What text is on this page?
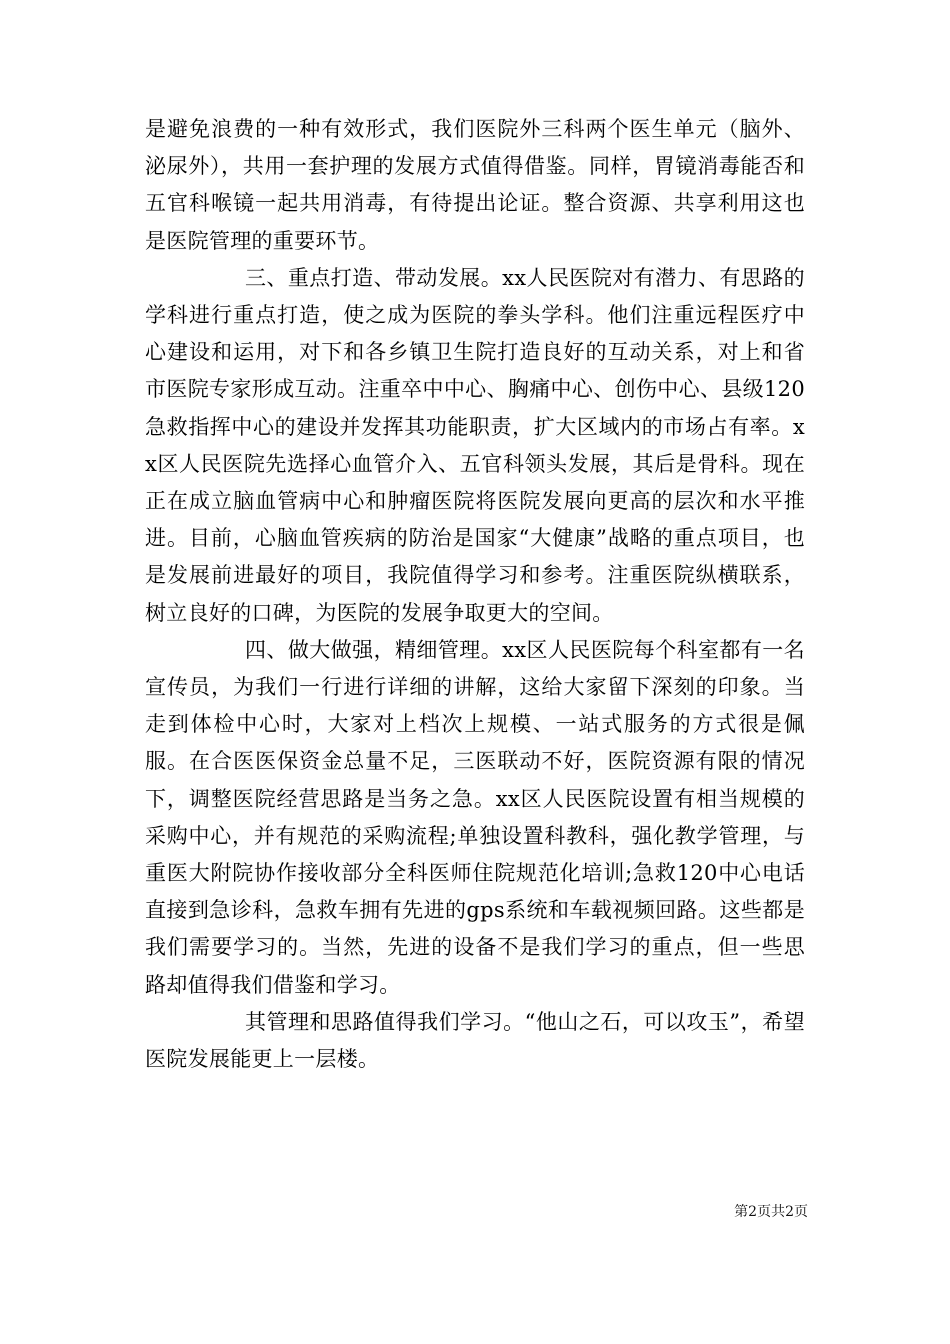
是避免浪费的一种有效形式，我们医院外三科两个医生单元（脑外、泌尿外），共用一套护理的发展方式值得借鉴。同样，胃镜消毒能否和五官科喉镜一起共用消毒，有待提出论证。整合资源、共享利用这也是医院管理的重要环节。

三、重点打造、带动发展。xx人民医院对有潜力、有思路的学科进行重点打造，使之成为医院的拳头学科。他们注重远程医疗中心建设和运用，对下和各乡镇卫生院打造良好的互动关系，对上和省市医院专家形成互动。注重卒中中心、胸痛中心、创伤中心、县级120急救指挥中心的建设并发挥其功能职责，扩大区域内的市场占有率。xx区人民医院先选择心血管介入、五官科领头发展，其后是骨科。现在正在成立脑血管病中心和肿瘤医院将医院发展向更高的层次和水平推进。目前，心脑血管疾病的防治是国家“大健康”战略的重点项目，也是发展前进最好的项目，我院值得学习和参考。注重医院纵横联系，树立良好的口碑，为医院的发展争取更大的空间。

四、做大做强，精细管理。xx区人民医院每个科室都有一名宣传员，为我们一行进行详细的讲解，这给大家留下深刻的印象。当走到体检中心时，大家对上档次上规模、一站式服务的方式很是佩服。在合医医保资金总量不足，三医联动不好，医院资源有限的情况下，调整医院经营思路是当务之急。xx区人民医院设置有相当规模的采购中心，并有规范的采购流程;单独设置科教科，强化教学管理，与重医大附院协作接收部分全科医师住院规范化培训;急救120中心电话直接到急诊科，急救车拥有先进的gps系统和车载视频回路。这些都是我们需要学习的。当然，先进的设备不是我们学习的重点，但一些思路却值得我们借鉴和学习。

其管理和思路值得我们学习。“他山之石，可以攻玉”，希望医院发展能更上一层楼。

第2页共2页
